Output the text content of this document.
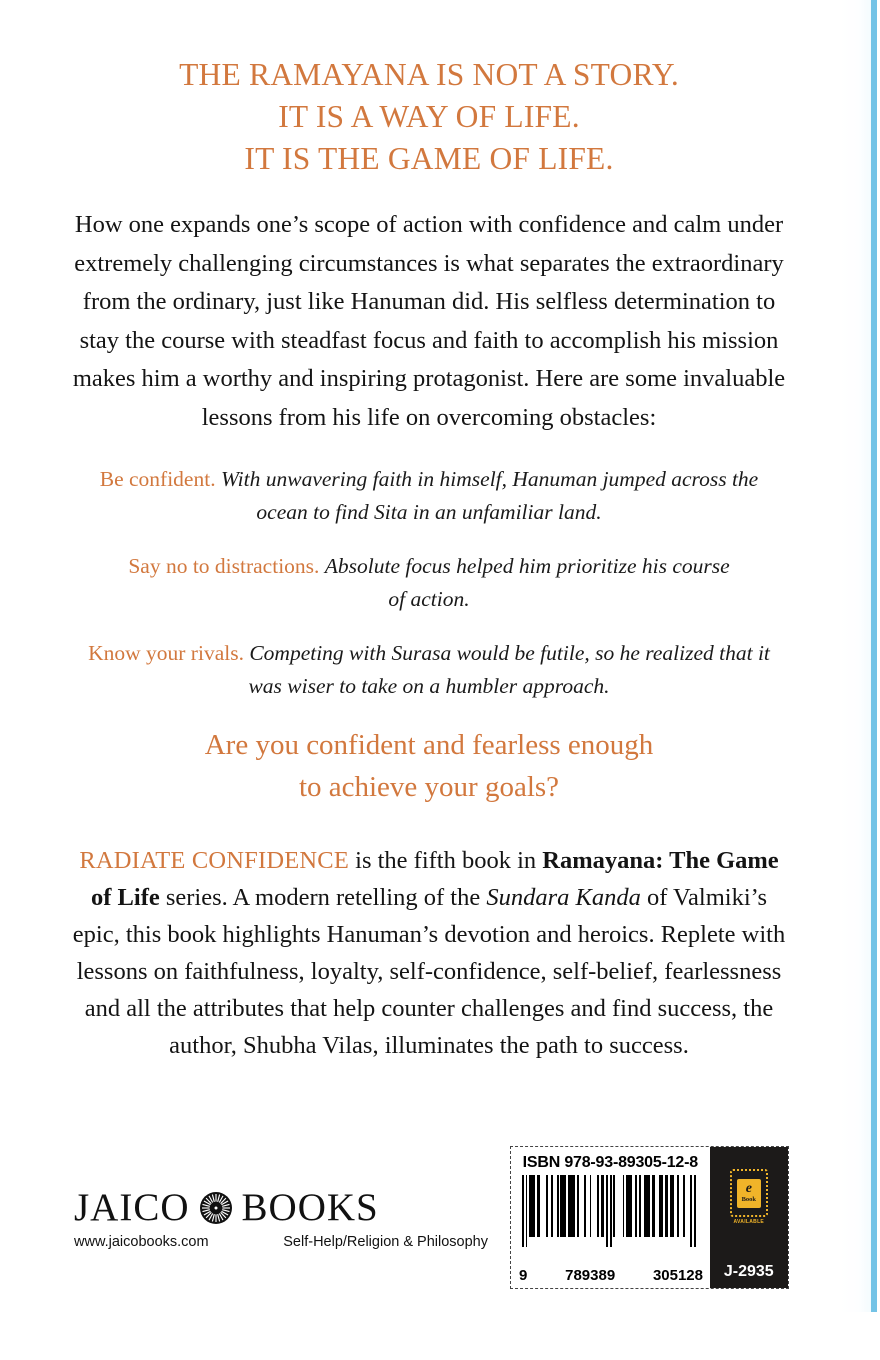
THE RAMAYANA IS NOT A STORY.
IT IS A WAY OF LIFE.
IT IS THE GAME OF LIFE.

How one expands one’s scope of action with confidence and calm under extremely challenging circumstances is what separates the extraordinary from the ordinary, just like Hanuman did. His selfless determination to stay the course with steadfast focus and faith to accomplish his mission makes him a worthy and inspiring protagonist. Here are some invaluable lessons from his life on overcoming obstacles:

Be confident. With unwavering faith in himself, Hanuman jumped across the ocean to find Sita in an unfamiliar land.
Say no to distractions. Absolute focus helped him prioritize his course of action.
Know your rivals. Competing with Surasa would be futile, so he realized that it was wiser to take on a humbler approach.
Are you confident and fearless enough
to achieve your goals?

RADIATE CONFIDENCE is the fifth book in Ramayana: The Game of Life series. A modern retelling of the Sundara Kanda of Valmiki’s epic, this book highlights Hanuman’s devotion and heroics. Replete with lessons on faithfulness, loyalty, self-confidence, self-belief, fearlessness and all the attributes that help counter challenges and find success, the author, Shubha Vilas, illuminates the path to success.

JAICO BOOKS
www.jaicobooks.com	Self-Help/Religion & Philosophy
ISBN 978-93-89305-12-8
9	789389	305128
e
Book
AVAILABLE
J-2935
